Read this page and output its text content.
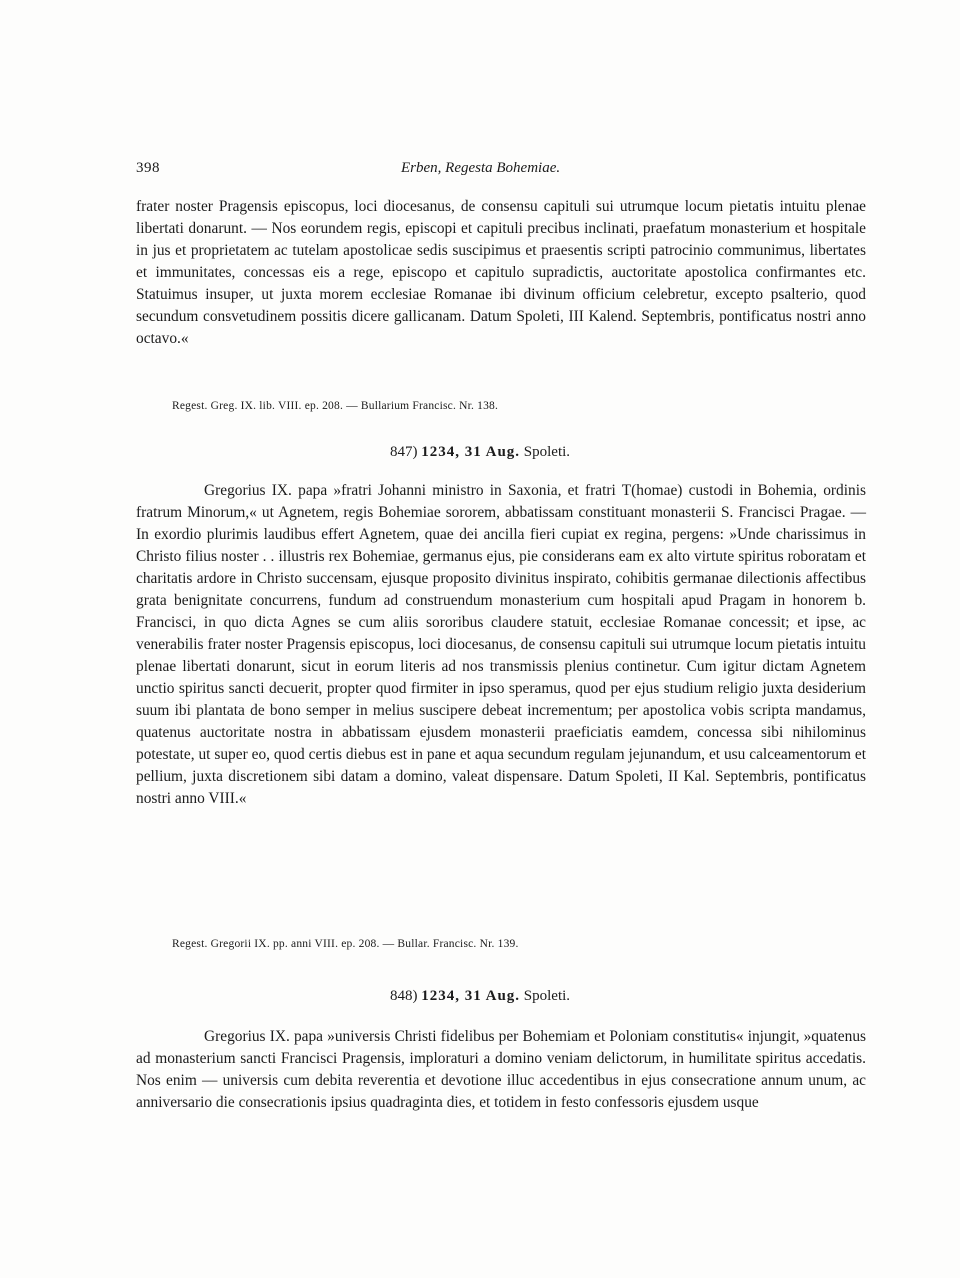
398	Erben, Regesta Bohemiae.

frater noster Pragensis episcopus, loci diocesanus, de consensu capituli sui utrumque locum pietatis intuitu plenae libertati donarunt. — Nos eorundem regis, episcopi et capituli precibus inclinati, praefatum monasterium et hospitale in jus et proprietatem ac tutelam apostolicae sedis suscipimus et praesentis scripti patrocinio communimus, libertates et immunitates, concessas eis a rege, episcopo et capitulo supradictis, auctoritate apostolica confirmantes etc. Statuimus insuper, ut juxta morem ecclesiae Romanae ibi divinum officium celebretur, excepto psalterio, quod secundum consvetudinem possitis dicere gallicanam. Datum Spoleti, III Kalend. Septembris, pontificatus nostri anno octavo.«

Regest. Greg. IX. lib. VIII. ep. 208. — Bullarium Francisc. Nr. 138.
847) 1234, 31 Aug. Spoleti.

Gregorius IX. papa »fratri Johanni ministro in Saxonia, et fratri T(homae) custodi in Bohemia, ordinis fratrum Minorum,« ut Agnetem, regis Bohemiae sororem, abbatissam constituant monasterii S. Francisci Pragae. — In exordio plurimis laudibus effert Agnetem, quae dei ancilla fieri cupiat ex regina, pergens: »Unde charissimus in Christo filius noster . . illustris rex Bohemiae, germanus ejus, pie considerans eam ex alto virtute spiritus roboratam et charitatis ardore in Christo succensam, ejusque proposito divinitus inspirato, cohibitis germanae dilectionis affectibus grata benignitate concurrens, fundum ad construendum monasterium cum hospitali apud Pragam in honorem b. Francisci, in quo dicta Agnes se cum aliis sororibus claudere statuit, ecclesiae Romanae concessit; et ipse, ac venerabilis frater noster Pragensis episcopus, loci diocesanus, de consensu capituli sui utrumque locum pietatis intuitu plenae libertati donarunt, sicut in eorum literis ad nos transmissis plenius continetur. Cum igitur dictam Agnetem unctio spiritus sancti decuerit, propter quod firmiter in ipso speramus, quod per ejus studium religio juxta desiderium suum ibi plantata de bono semper in melius suscipere debeat incrementum; per apostolica vobis scripta mandamus, quatenus auctoritate nostra in abbatissam ejusdem monasterii praeficiatis eamdem, concessa sibi nihilominus potestate, ut super eo, quod certis diebus est in pane et aqua secundum regulam jejunandum, et usu calceamentorum et pellium, juxta discretionem sibi datam a domino, valeat dispensare. Datum Spoleti, II Kal. Septembris, pontificatus nostri anno VIII.«

Regest. Gregorii IX. pp. anni VIII. ep. 208. — Bullar. Francisc. Nr. 139.
848) 1234, 31 Aug. Spoleti.

Gregorius IX. papa »universis Christi fidelibus per Bohemiam et Poloniam constitutis« injungit, »quatenus ad monasterium sancti Francisci Pragensis, imploraturi a domino veniam delictorum, in humilitate spiritus accedatis. Nos enim — universis cum debita reverentia et devotione illuc accedentibus in ejus consecratione annum unum, ac anniversario die consecrationis ipsius quadraginta dies, et totidem in festo confessoris ejusdem usque
